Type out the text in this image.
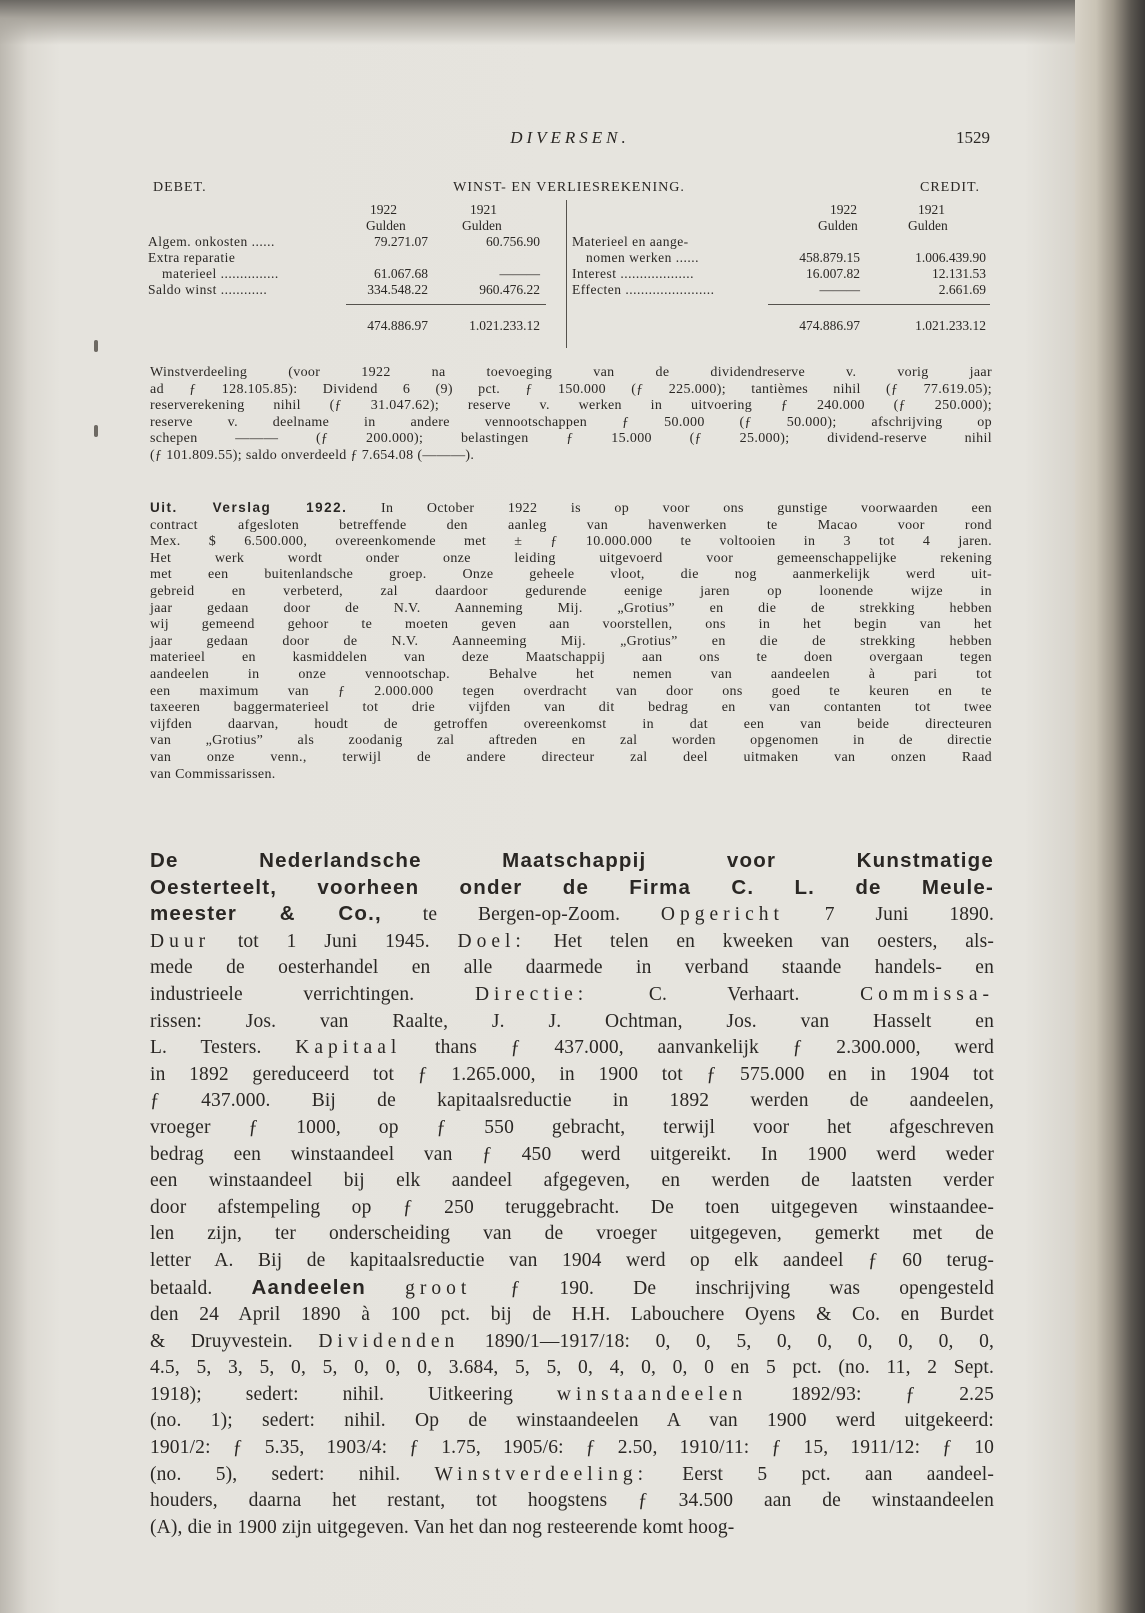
DIVERSEN.	1529
DEBET.	WINST- EN VERLIESREKENING.	CREDIT.
1922	1921
Gulden	Gulden
1922	1921
Gulden	Gulden
Algem. onkosten ......	79.271.07	60.756.90
Extra reparatie
materieel ...............	61.067.68	———
Saldo winst ............	334.548.22	960.476.22
474.886.97	1.021.233.12
Materieel en aange-
nomen werken ......	458.879.15	1.006.439.90
Interest ...................	16.007.82	12.131.53
Effecten .......................	———	2.661.69
474.886.97	1.021.233.12
Winstverdeeling (voor 1922 na toevoeging van de dividendreserve v. vorig jaar
ad ƒ 128.105.85): Dividend 6 (9) pct. ƒ 150.000 (ƒ 225.000); tantièmes nihil (ƒ 77.619.05);
reserverekening nihil (ƒ 31.047.62); reserve v. werken in uitvoering ƒ 240.000 (ƒ 250.000);
reserve v. deelname in andere vennootschappen ƒ 50.000 (ƒ 50.000); afschrijving op
schepen ——— (ƒ 200.000); belastingen ƒ 15.000 (ƒ 25.000); dividend-reserve nihil
(ƒ 101.809.55); saldo onverdeeld ƒ 7.654.08 (———).
Uit. Verslag 1922. In October 1922 is op voor ons gunstige voorwaarden een
contract afgesloten betreffende den aanleg van havenwerken te Macao voor rond
Mex. $ 6.500.000, overeenkomende met ± ƒ 10.000.000 te voltooien in 3 tot 4 jaren.
Het werk wordt onder onze leiding uitgevoerd voor gemeenschappelijke rekening
met een buitenlandsche groep. Onze geheele vloot, die nog aanmerkelijk werd uit-
gebreid en verbeterd, zal daardoor gedurende eenige jaren op loonende wijze in
jaar gedaan door de N.V. Aanneming Mij. „Grotius” en die de strekking hebben
wij gemeend gehoor te moeten geven aan voorstellen, ons in het begin van het
jaar gedaan door de N.V. Aanneeming Mij. „Grotius” en die de strekking hebben
materieel en kasmiddelen van deze Maatschappij aan ons te doen overgaan tegen
aandeelen in onze vennootschap. Behalve het nemen van aandeelen à pari tot
een maximum van ƒ 2.000.000 tegen overdracht van door ons goed te keuren en te
taxeeren baggermaterieel tot drie vijfden van dit bedrag en van contanten tot twee
vijfden daarvan, houdt de getroffen overeenkomst in dat een van beide directeuren
van „Grotius” als zoodanig zal aftreden en zal worden opgenomen in de directie
van onze venn., terwijl de andere directeur zal deel uitmaken van onzen Raad
van Commissarissen.
De Nederlandsche Maatschappij voor Kunstmatige
Oesterteelt, voorheen onder de Firma C. L. de Meule-
meester & Co., te Bergen-op-Zoom. Opgericht 7 Juni 1890.
Duur tot 1 Juni 1945. Doel: Het telen en kweeken van oesters, als-
mede de oesterhandel en alle daarmede in verband staande handels- en
industrieele verrichtingen. Directie: C. Verhaart. Commissa-
rissen: Jos. van Raalte, J. J. Ochtman, Jos. van Hasselt en
L. Testers. Kapitaal thans ƒ 437.000, aanvankelijk ƒ 2.300.000, werd
in 1892 gereduceerd tot ƒ 1.265.000, in 1900 tot ƒ 575.000 en in 1904 tot
ƒ 437.000. Bij de kapitaalsreductie in 1892 werden de aandeelen,
vroeger ƒ 1000, op ƒ 550 gebracht, terwijl voor het afgeschreven
bedrag een winstaandeel van ƒ 450 werd uitgereikt. In 1900 werd weder
een winstaandeel bij elk aandeel afgegeven, en werden de laatsten verder
door afstempeling op ƒ 250 teruggebracht. De toen uitgegeven winstaandee-
len zijn, ter onderscheiding van de vroeger uitgegeven, gemerkt met de
letter A. Bij de kapitaalsreductie van 1904 werd op elk aandeel ƒ 60 terug-
betaald. Aandeelen groot ƒ 190. De inschrijving was opengesteld
den 24 April 1890 à 100 pct. bij de H.H. Labouchere Oyens & Co. en Burdet
& Druyvestein. Dividenden 1890/1—1917/18: 0, 0, 5, 0, 0, 0, 0, 0, 0,
4.5, 5, 3, 5, 0, 5, 0, 0, 0, 3.684, 5, 5, 0, 4, 0, 0, 0 en 5 pct. (no. 11, 2 Sept.
1918); sedert: nihil. Uitkeering winstaandeelen 1892/93: ƒ 2.25
(no. 1); sedert: nihil. Op de winstaandeelen A van 1900 werd uitgekeerd:
1901/2: ƒ 5.35, 1903/4: ƒ 1.75, 1905/6: ƒ 2.50, 1910/11: ƒ 15, 1911/12: ƒ 10
(no. 5), sedert: nihil. Winstverdeeling: Eerst 5 pct. aan aandeel-
houders, daarna het restant, tot hoogstens ƒ 34.500 aan de winstaandeelen
(A), die in 1900 zijn uitgegeven. Van het dan nog resteerende komt hoog-
